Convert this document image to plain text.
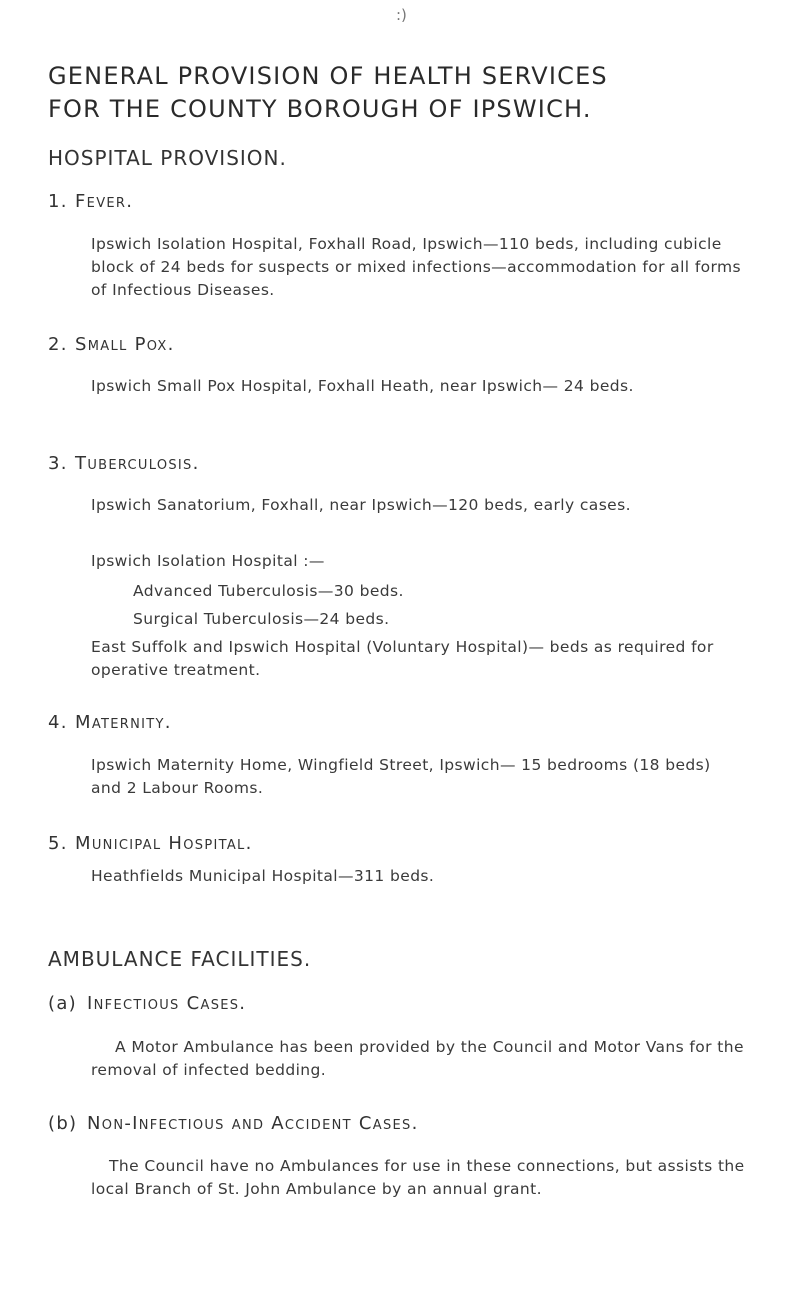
:)
GENERAL PROVISION OF HEALTH SERVICES
FOR THE COUNTY BOROUGH OF IPSWICH.
HOSPITAL PROVISION.
1. Fever.

Ipswich Isolation Hospital, Foxhall Road, Ipswich—110 beds, including cubicle block of 24 beds for suspects or mixed infections—accommodation for all forms of Infectious Diseases.

2. Small Pox.

Ipswich Small Pox Hospital, Foxhall Heath, near Ipswich— 24 beds.

3. Tuberculosis.

Ipswich Sanatorium, Foxhall, near Ipswich—120 beds, early cases.

Ipswich Isolation Hospital :—

Advanced Tuberculosis—30 beds.

Surgical Tuberculosis—24 beds.

East Suffolk and Ipswich Hospital (Voluntary Hospital)— beds as required for operative treatment.

4. Maternity.

Ipswich Maternity Home, Wingfield Street, Ipswich— 15 bedrooms (18 beds) and 2 Labour Rooms.

5. Municipal Hospital.

Heathfields Municipal Hospital—311 beds.

AMBULANCE FACILITIES.
(a) Infectious Cases.

A Motor Ambulance has been provided by the Council and Motor Vans for the removal of infected bedding.

(b) Non-Infectious and Accident Cases.

The Council have no Ambulances for use in these connections, but assists the local Branch of St. John Ambulance by an annual grant.
